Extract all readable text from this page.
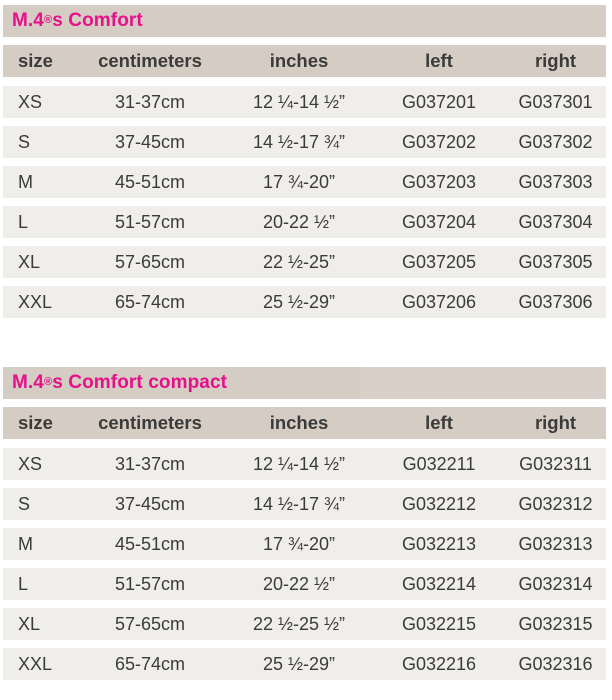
M.4® s Comfort
size	centimeters	inches	left	right
XS	31-37cm	12 ¼-14 ½”	G037201	G037301
S	37-45cm	14 ½-17 ¾”	G037202	G037302
M	45-51cm	17 ¾-20”	G037203	G037303
L	51-57cm	20-22 ½”	G037204	G037304
XL	57-65cm	22 ½-25”	G037205	G037305
XXL	65-74cm	25 ½-29”	G037206	G037306
M.4® s Comfort compact
size	centimeters	inches	left	right
XS	31-37cm	12 ¼-14 ½”	G032211	G032311
S	37-45cm	14 ½-17 ¾”	G032212	G032312
M	45-51cm	17 ¾-20”	G032213	G032313
L	51-57cm	20-22 ½”	G032214	G032314
XL	57-65cm	22 ½-25 ½”	G032215	G032315
XXL	65-74cm	25 ½-29”	G032216	G032316
